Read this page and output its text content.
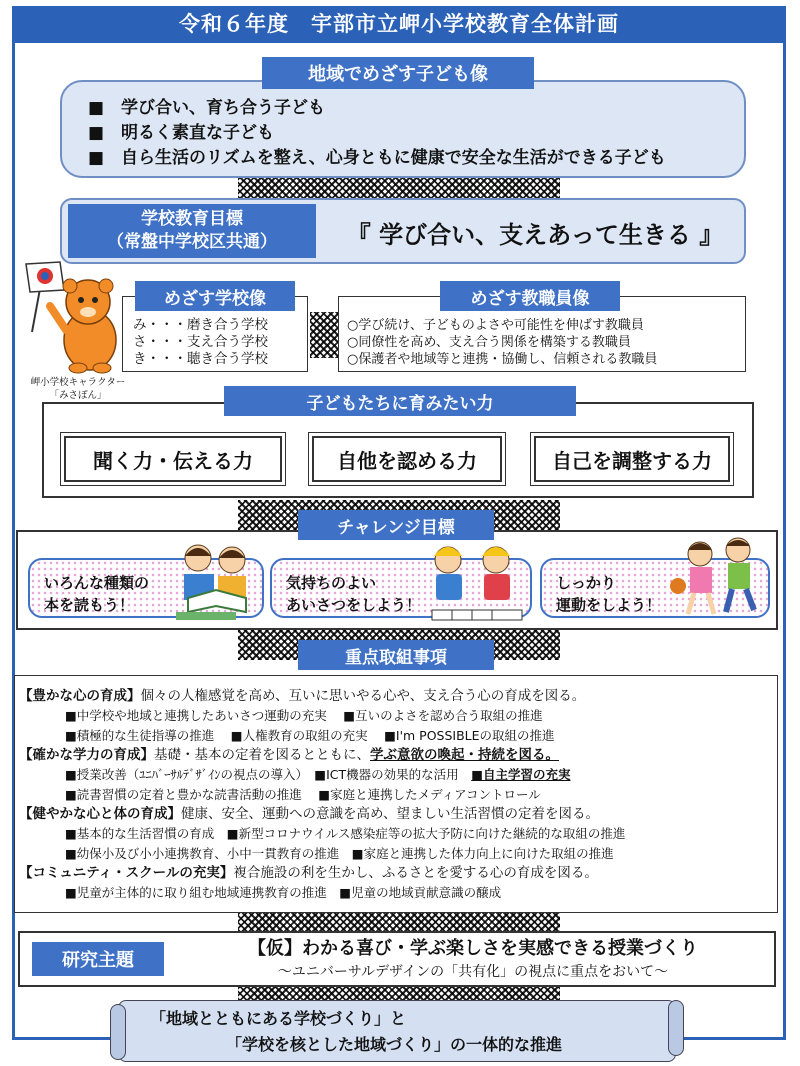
令和６年度　宇部市立岬小学校教育全体計画
地域でめざす子ども像
■　学び合い、育ち合う子ども
■　明るく素直な子ども
■　自ら生活のリズムを整え、心身ともに健康で安全な生活ができる子ども
学校教育目標
（常盤中学校区共通）	『 学び合い、支えあって生きる 』
岬小学校キャラクター
「みさぽん」
み・・・磨き合う学校
さ・・・支え合う学校
き・・・聴き合う学校
めざす学校像
○学び続け、子どものよさや可能性を伸ばす教職員
○同僚性を高め、支え合う関係を構築する教職員
○保護者や地域等と連携・協働し、信頼される教職員
めざす教職員像
子どもたちに育みたい力
聞く力・伝える力	自他を認める力	自己を調整する力
チャレンジ目標
いろんな種類の
本を読もう！
気持ちのよい
あいさつをしよう！
しっかり
運動をしよう！
【豊かな心の育成】個々の人権感覚を高め、互いに思いやる心や、支え合う心の育成を図る。
■中学校や地域と連携したあいさつ運動の充実　 ■互いのよさを認め合う取組の推進
■積極的な生徒指導の推進　 ■人権教育の取組の充実　 ■I'm POSSIBLEの取組の推進
【確かな学力の育成】基礎・基本の定着を図るとともに、学ぶ意欲の喚起・持続を図る。
■授業改善（ﾕﾆﾊﾞｰｻﾙﾃﾞｻﾞｲﾝの視点の導入）　■ICT機器の効果的な活用　■自主学習の充実
■読書習慣の定着と豊かな読書活動の推進　 ■家庭と連携したメディアコントロール
【健やかな心と体の育成】健康、安全、運動への意識を高め、望ましい生活習慣の定着を図る。
■基本的な生活習慣の育成　■新型コロナウイルス感染症等の拡大予防に向けた継続的な取組の推進
■幼保小及び小小連携教育、小中一貫教育の推進　■家庭と連携した体力向上に向けた取組の推進
【コミュニティ・スクールの充実】複合施設の利を生かし、ふるさとを愛する心の育成を図る。
■児童が主体的に取り組む地域連携教育の推進　■児童の地域貢献意識の醸成
重点取組事項
研究主題
【仮】わかる喜び・学ぶ楽しさを実感できる授業づくり
～ユニバーサルデザインの「共有化」の視点に重点をおいて～
「地域とともにある学校づくり」と
「学校を核とした地域づくり」の一体的な推進
